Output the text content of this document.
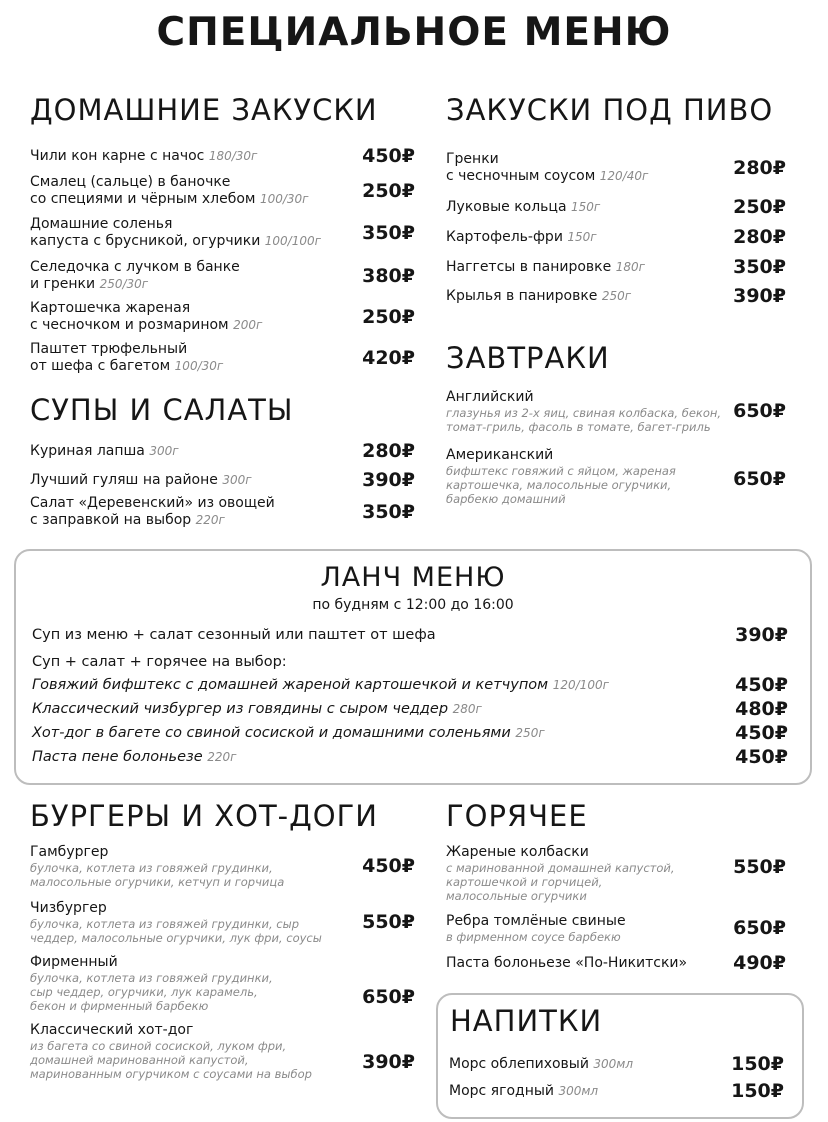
СПЕЦИАЛЬНОЕ МЕНЮ
ДОМАШНИЕ ЗАКУСКИ
Чили кон карне с начос 180/30г	450₽
Смалец (сальце) в баночке
со специями и чёрным хлебом 100/30г	250₽
Домашние соленья
капуста с брусникой, огурчики 100/100г	350₽
Селедочка с лучком в банке
и гренки 250/30г	380₽
Картошечка жареная
с чесночком и розмарином 200г	250₽
Паштет трюфельный
от шефа с багетом 100/30г	420₽
СУПЫ И САЛАТЫ
Куриная лапша 300г	280₽
Лучший гуляш на районе 300г	390₽
Салат «Деревенский» из овощей
с заправкой на выбор 220г	350₽
ЗАКУСКИ ПОД ПИВО
Гренки
с чесночным соусом 120/40г	280₽
Луковые кольца 150г	250₽
Картофель-фри 150г	280₽
Наггетсы в панировке 180г	350₽
Крылья в панировке 250г	390₽
ЗАВТРАКИ
Английский
глазунья из 2-х яиц, свиная колбаска, бекон,
томат-гриль, фасоль в томате, багет-гриль
650₽
Американский
бифштекс говяжий с яйцом, жареная
картошечка, малосольные огурчики,
барбекю домашний
650₽
ЛАНЧ МЕНЮ
по будням с 12:00 до 16:00
Суп из меню + салат сезонный или паштет от шефа	390₽
Суп + салат + горячее на выбор:
Говяжий бифштекс с домашней жареной картошечкой и кетчупом 120/100г	450₽
Классический чизбургер из говядины с сыром чеддер 280г	480₽
Хот-дог в багете со свиной сосиской и домашними соленьями 250г	450₽
Паста пене болоньезе 220г	450₽
БУРГЕРЫ И ХОТ-ДОГИ
Гамбургер
булочка, котлета из говяжей грудинки,
малосольные огурчики, кетчуп и горчица
450₽
Чизбургер
булочка, котлета из говяжей грудинки, сыр
чеддер, малосольные огурчики, лук фри, соусы
550₽
Фирменный
булочка, котлета из говяжей грудинки,
сыр чеддер, огурчики, лук карамель,
бекон и фирменный барбекю	650₽
Классический хот-дог
из багета со свиной сосиской, луком фри,
домашней маринованной капустой,
маринованным огурчиком с соусами на выбор
390₽
ГОРЯЧЕЕ
Жареные колбаски
с маринованной домашней капустой,
картошечкой и горчицей,
малосольные огурчики
550₽
Ребра томлёные свиные
в фирменном соусе барбекю	650₽
Паста болоньезе «По-Никитски»	490₽
НАПИТКИ
Морс облепиховый 300мл	150₽
Морс ягодный 300мл	150₽
